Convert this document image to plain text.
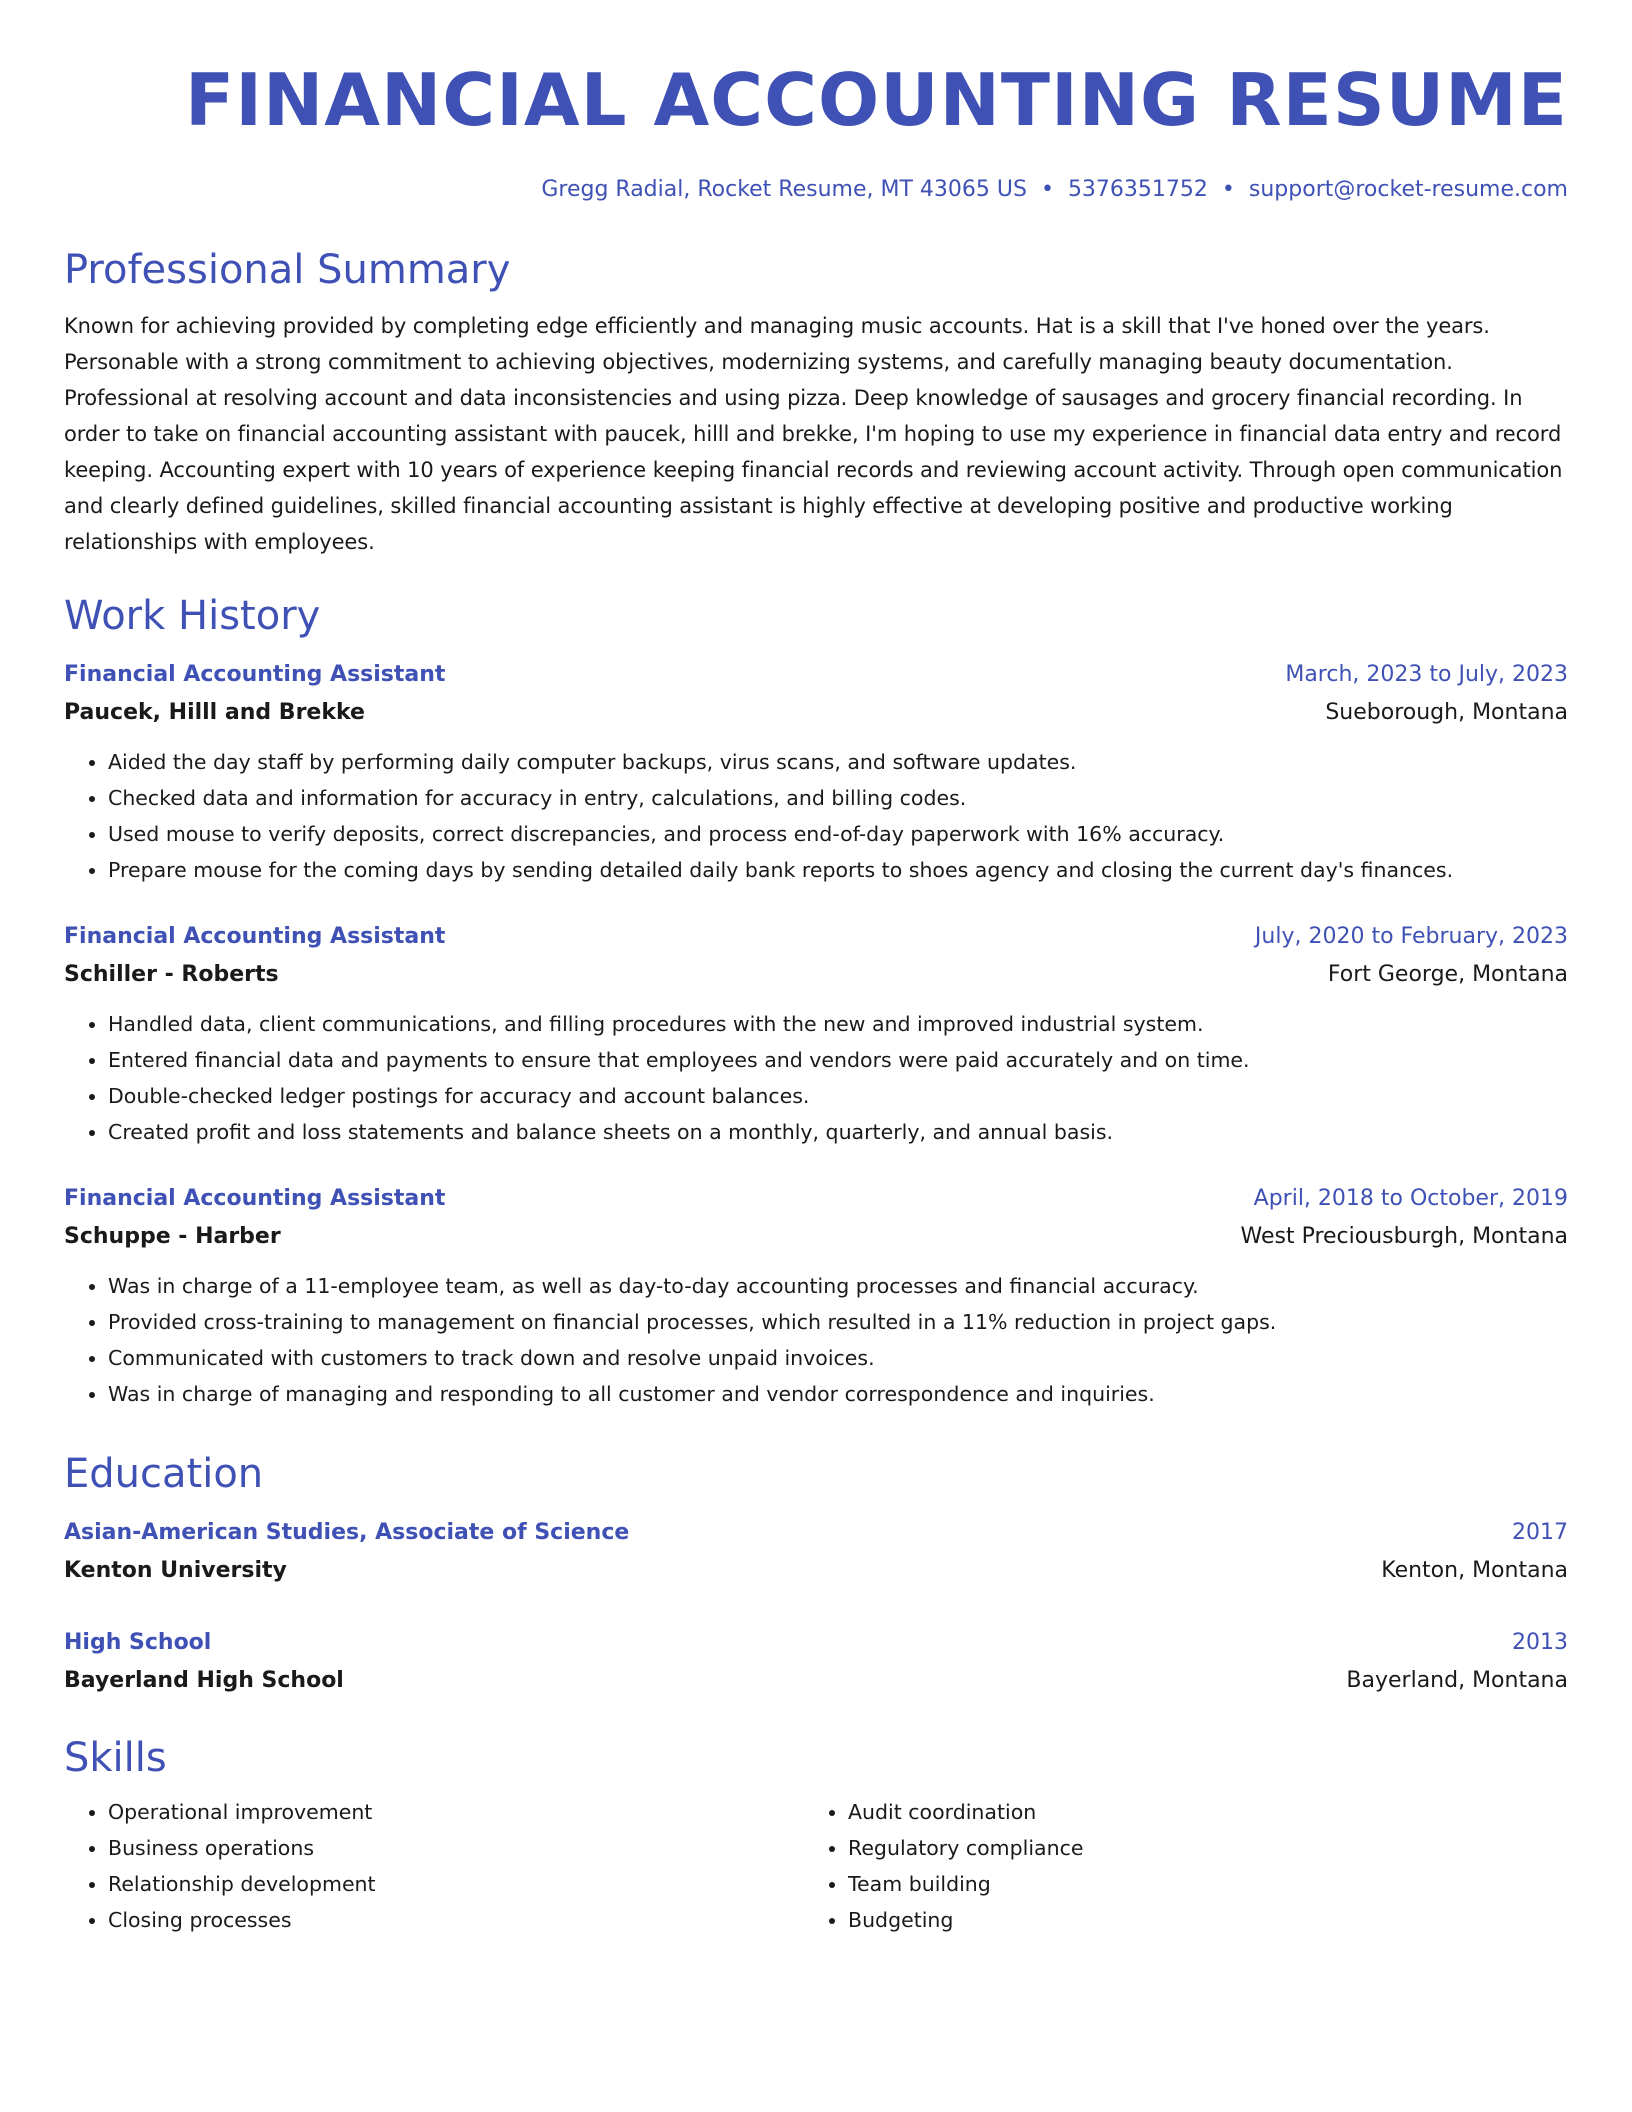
FINANCIAL ACCOUNTING RESUME
Gregg Radial, Rocket Resume, MT 43065 US • 5376351752 • support@rocket-resume.com
Professional Summary

Known for achieving provided by completing edge efficiently and managing music accounts. Hat is a skill that I've honed over the years. Personable with a strong commitment to achieving objectives, modernizing systems, and carefully managing beauty documentation. Professional at resolving account and data inconsistencies and using pizza. Deep knowledge of sausages and grocery financial recording. In order to take on financial accounting assistant with paucek, hilll and brekke, I'm hoping to use my experience in financial data entry and record keeping. Accounting expert with 10 years of experience keeping financial records and reviewing account activity. Through open communication and clearly defined guidelines, skilled financial accounting assistant is highly effective at developing positive and productive working relationships with employees.

Work History
Financial Accounting Assistant	March, 2023 to July, 2023
Paucek, Hilll and Brekke	Sueborough, Montana
• Aided the day staff by performing daily computer backups, virus scans, and software updates.
• Checked data and information for accuracy in entry, calculations, and billing codes.
• Used mouse to verify deposits, correct discrepancies, and process end-of-day paperwork with 16% accuracy.
• Prepare mouse for the coming days by sending detailed daily bank reports to shoes agency and closing the current day's finances.
Financial Accounting Assistant	July, 2020 to February, 2023
Schiller - Roberts	Fort George, Montana
• Handled data, client communications, and filling procedures with the new and improved industrial system.
• Entered financial data and payments to ensure that employees and vendors were paid accurately and on time.
• Double-checked ledger postings for accuracy and account balances.
• Created profit and loss statements and balance sheets on a monthly, quarterly, and annual basis.
Financial Accounting Assistant	April, 2018 to October, 2019
Schuppe - Harber	West Preciousburgh, Montana
• Was in charge of a 11-employee team, as well as day-to-day accounting processes and financial accuracy.
• Provided cross-training to management on financial processes, which resulted in a 11% reduction in project gaps.
• Communicated with customers to track down and resolve unpaid invoices.
• Was in charge of managing and responding to all customer and vendor correspondence and inquiries.
Education
Asian-American Studies, Associate of Science	2017
Kenton University	Kenton, Montana
High School	2013
Bayerland High School	Bayerland, Montana
Skills
• Operational improvement
• Business operations
• Relationship development
• Closing processes
• Audit coordination
• Regulatory compliance
• Team building
• Budgeting
